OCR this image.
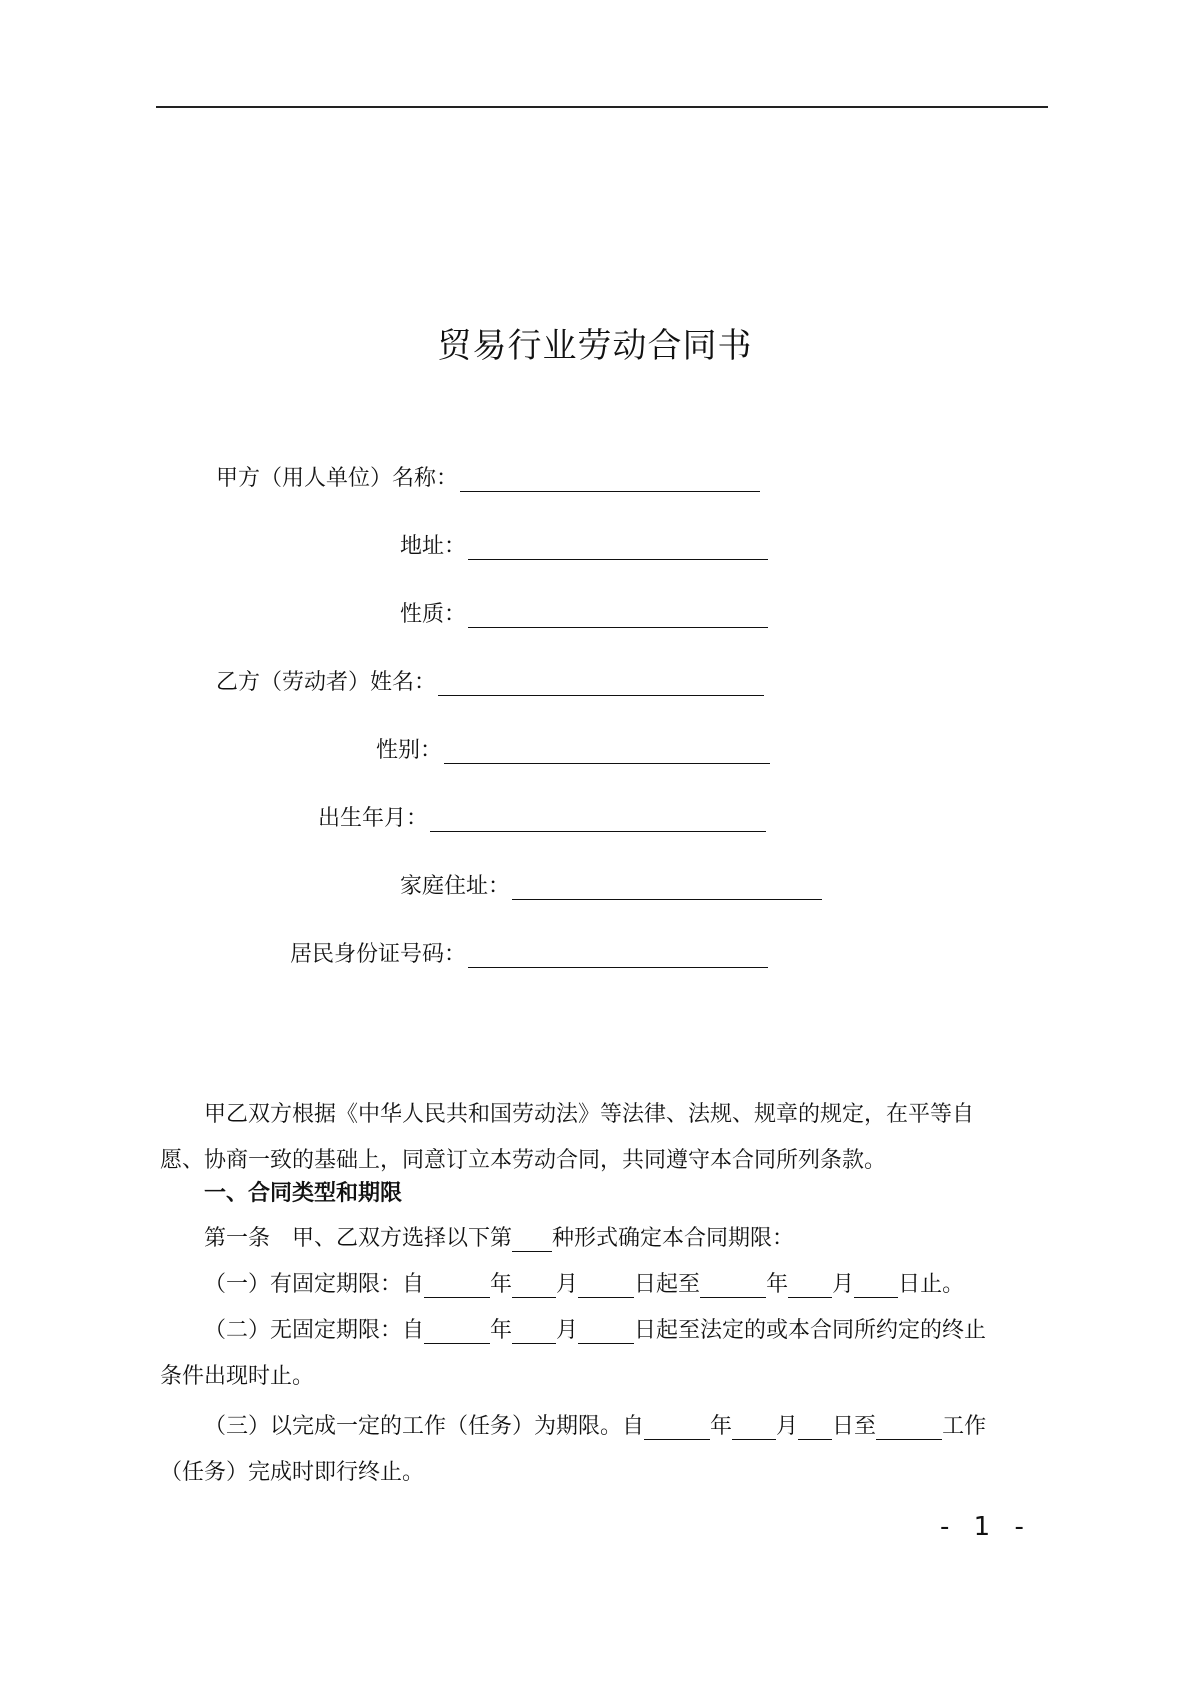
贸易行业劳动合同书
甲方（用人单位）名称：
地址：
性质：
乙方（劳动者）姓名：
性别：
出生年月：
家庭住址：
居民身份证号码：
甲乙双方根据《中华人民共和国劳动法》等法律、法规、规章的规定，在平等自
愿、协商一致的基础上，同意订立本劳动合同，共同遵守本合同所列条款。
一、合同类型和期限
第一条　甲、乙双方选择以下第 种形式确定本合同期限：
（一）有固定期限：自	年 月	日起至	年 月 日止。
（二）无固定期限：自	年 月	日起至法定的或本合同所约定的终止
条件出现时止。
（三）以完成一定的工作（任务）为期限。自	年 月 日至	工作
（任务）完成时即行终止。
- 1 -
